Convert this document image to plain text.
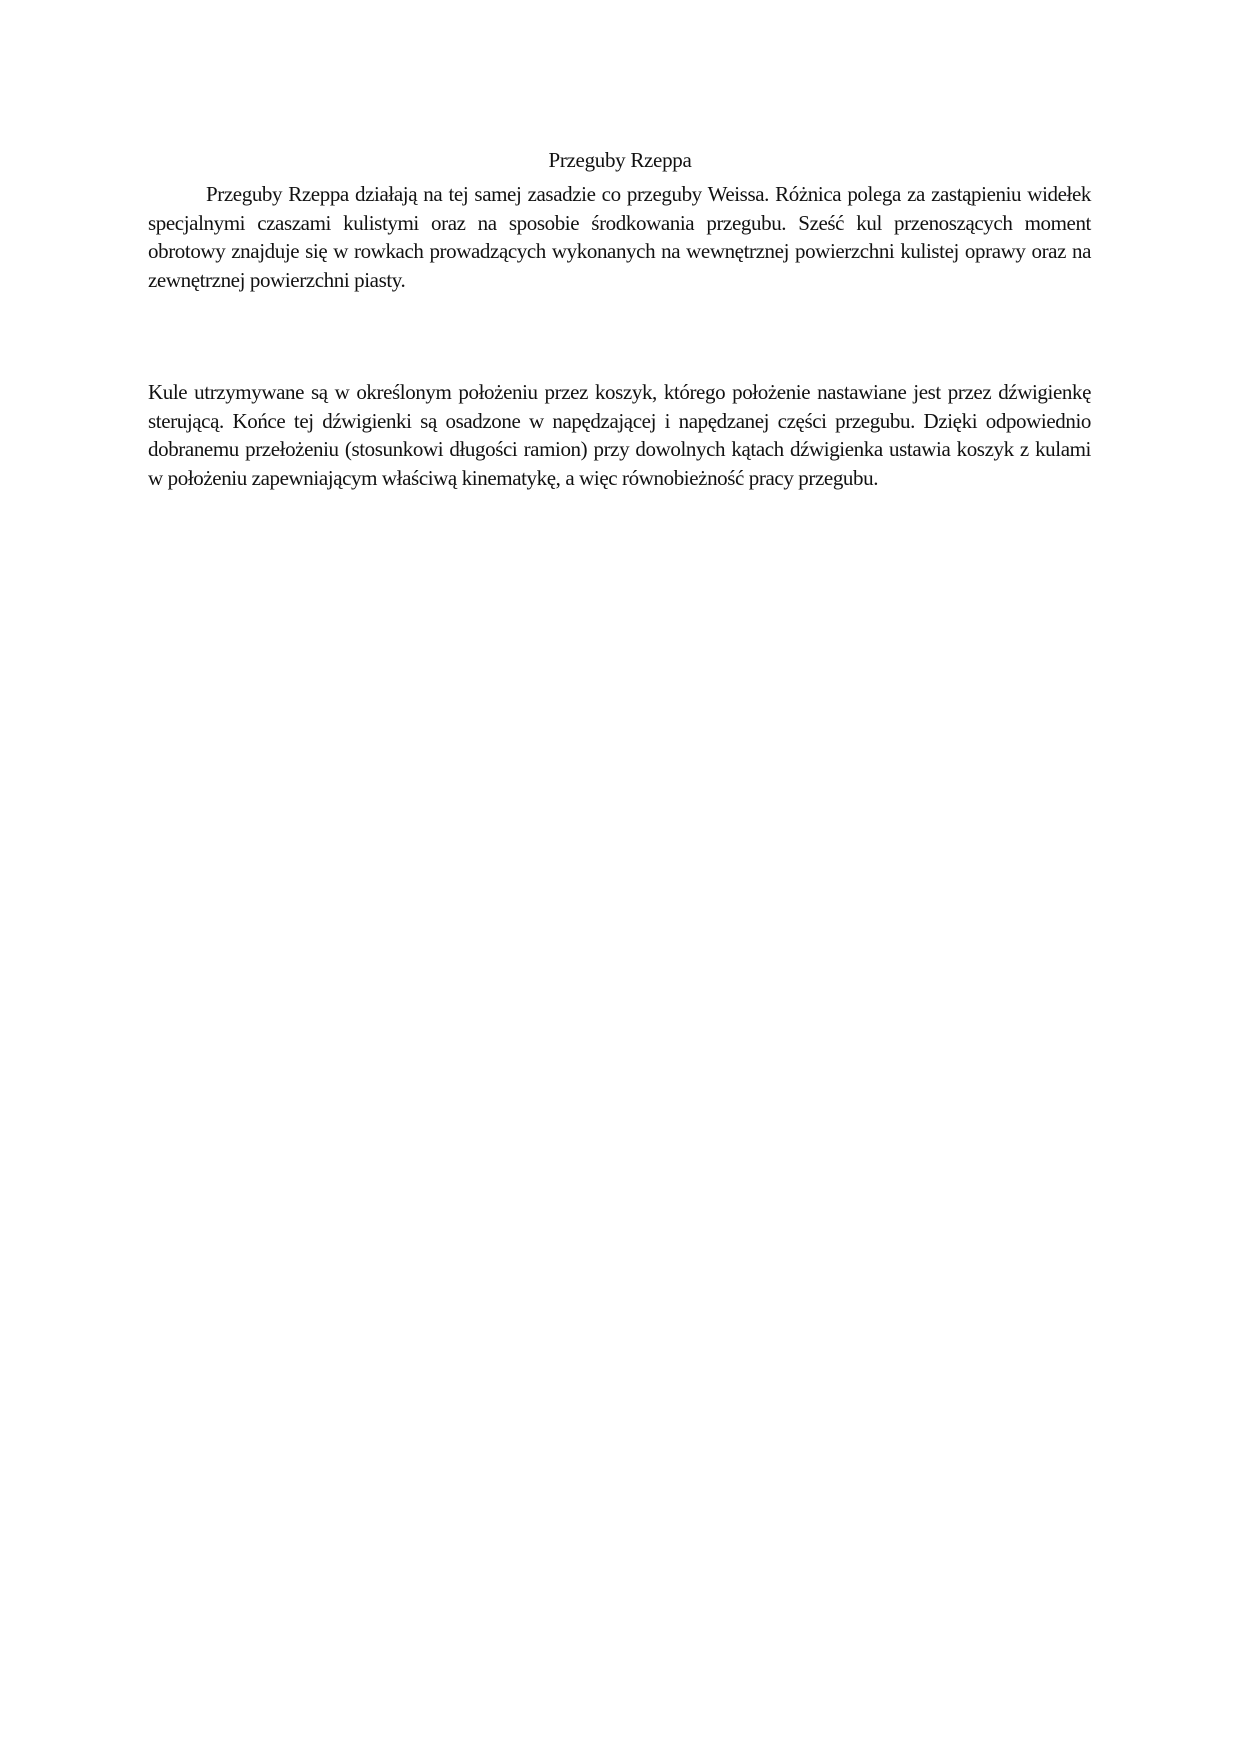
Przeguby Rzeppa

Przeguby Rzeppa działają na tej samej zasadzie co przeguby Weissa. Różnica polega za zastąpieniu widełek specjalnymi czaszami kulistymi oraz na sposobie środkowania przegubu. Sześć kul przenoszących moment obrotowy znajduje się w rowkach prowadzących wykonanych na wewnętrznej powierzchni kulistej oprawy oraz na zewnętrznej powierzchni piasty.

Kule utrzymywane są w określonym położeniu przez koszyk, którego położenie nastawiane jest przez dźwigienkę sterującą. Końce tej dźwigienki są osadzone w napędzającej i napędzanej części przegubu. Dzięki odpowiednio dobranemu przełożeniu (stosunkowi długości ramion) przy dowolnych kątach dźwigienka ustawia koszyk z kulami w położeniu zapewniającym właściwą kinematykę, a więc równobieżność pracy przegubu.
